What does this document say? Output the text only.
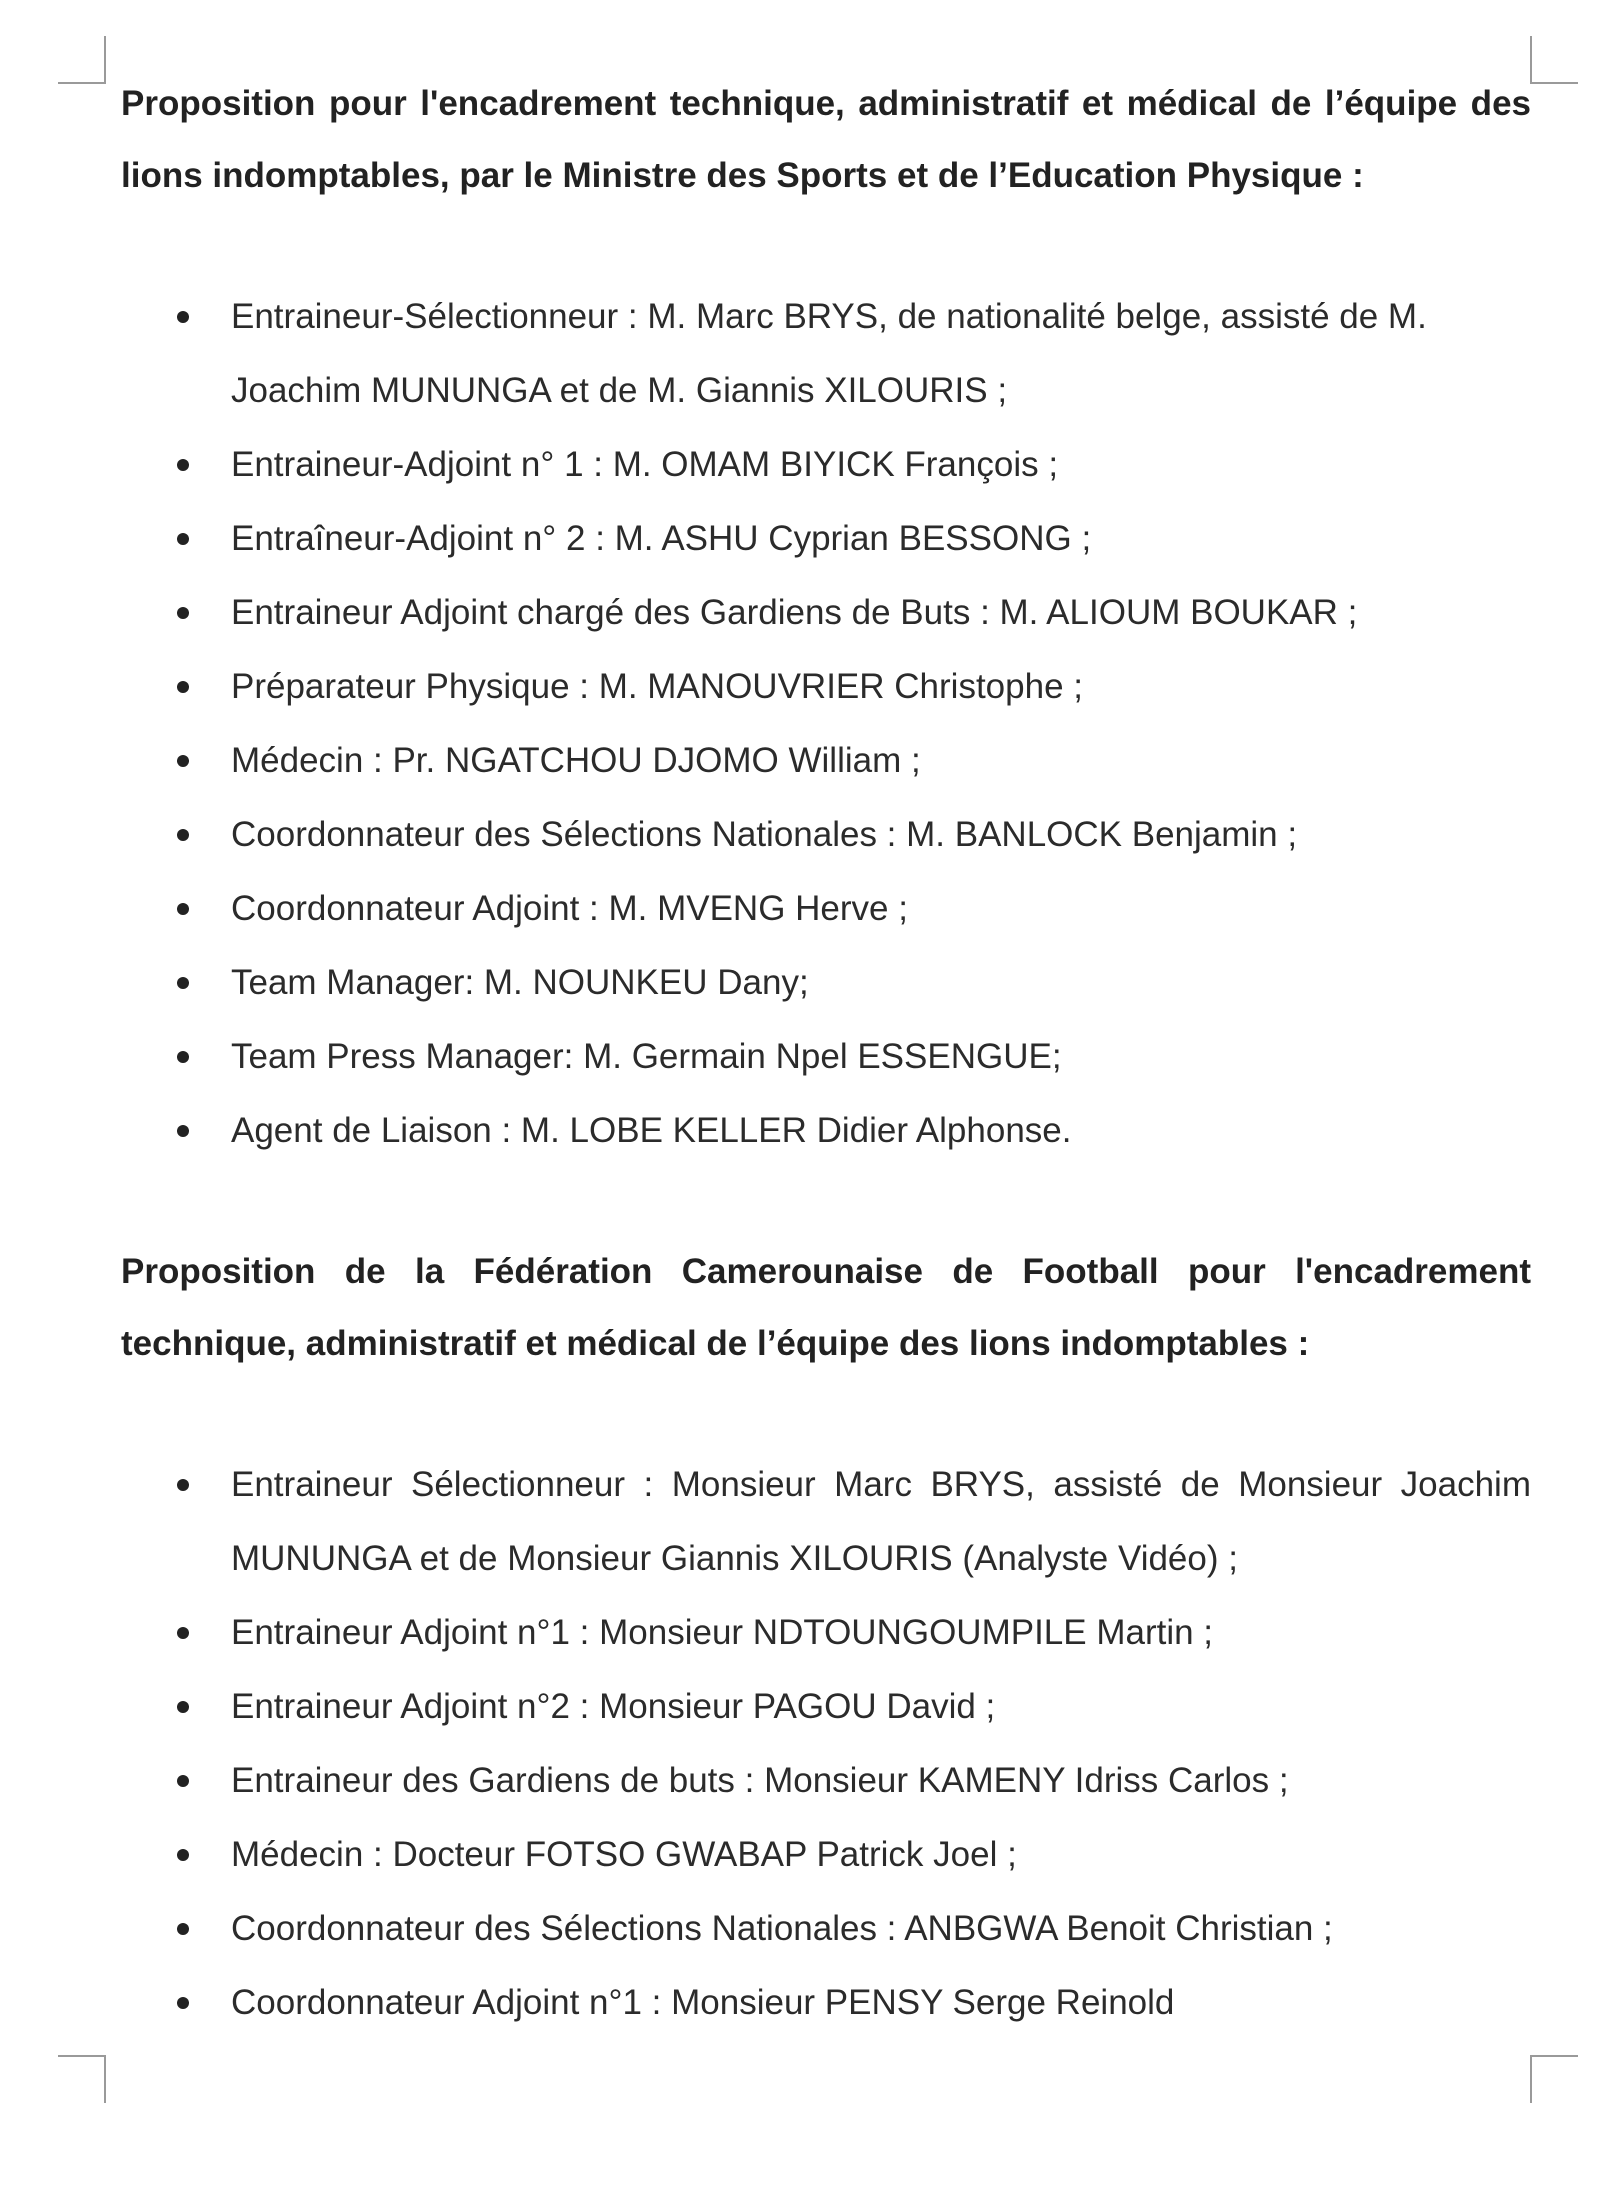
Proposition pour l'encadrement technique, administratif et médical de l’équipe des lions indomptables, par le Ministre des Sports et de l’Education Physique :

Entraineur-Sélectionneur : M. Marc BRYS, de nationalité belge, assisté de M. Joachim MUNUNGA et de M. Giannis XILOURIS ;
Entraineur-Adjoint n° 1 : M. OMAM BIYICK François ;
Entraîneur-Adjoint n° 2 : M. ASHU Cyprian BESSONG ;
Entraineur Adjoint chargé des Gardiens de Buts : M. ALIOUM BOUKAR ;
Préparateur Physique : M. MANOUVRIER Christophe ;
Médecin : Pr. NGATCHOU DJOMO William ;
Coordonnateur des Sélections Nationales : M. BANLOCK Benjamin ;
Coordonnateur Adjoint : M. MVENG Herve ;
Team Manager: M. NOUNKEU Dany;
Team Press Manager: M. Germain Npel ESSENGUE;
Agent de Liaison : M. LOBE KELLER Didier Alphonse.

Proposition de la Fédération Camerounaise de Football pour l'encadrement technique, administratif et médical de l’équipe des lions indomptables :

Entraineur Sélectionneur : Monsieur Marc BRYS, assisté de Monsieur Joachim MUNUNGA et de Monsieur Giannis XILOURIS (Analyste Vidéo) ;
Entraineur Adjoint n°1 : Monsieur NDTOUNGOUMPILE Martin ;
Entraineur Adjoint n°2 : Monsieur PAGOU David ;
Entraineur des Gardiens de buts : Monsieur KAMENY Idriss Carlos ;
Médecin : Docteur FOTSO GWABAP Patrick Joel ;
Coordonnateur des Sélections Nationales : ANBGWA Benoit Christian ;
Coordonnateur Adjoint n°1 : Monsieur PENSY Serge Reinold
